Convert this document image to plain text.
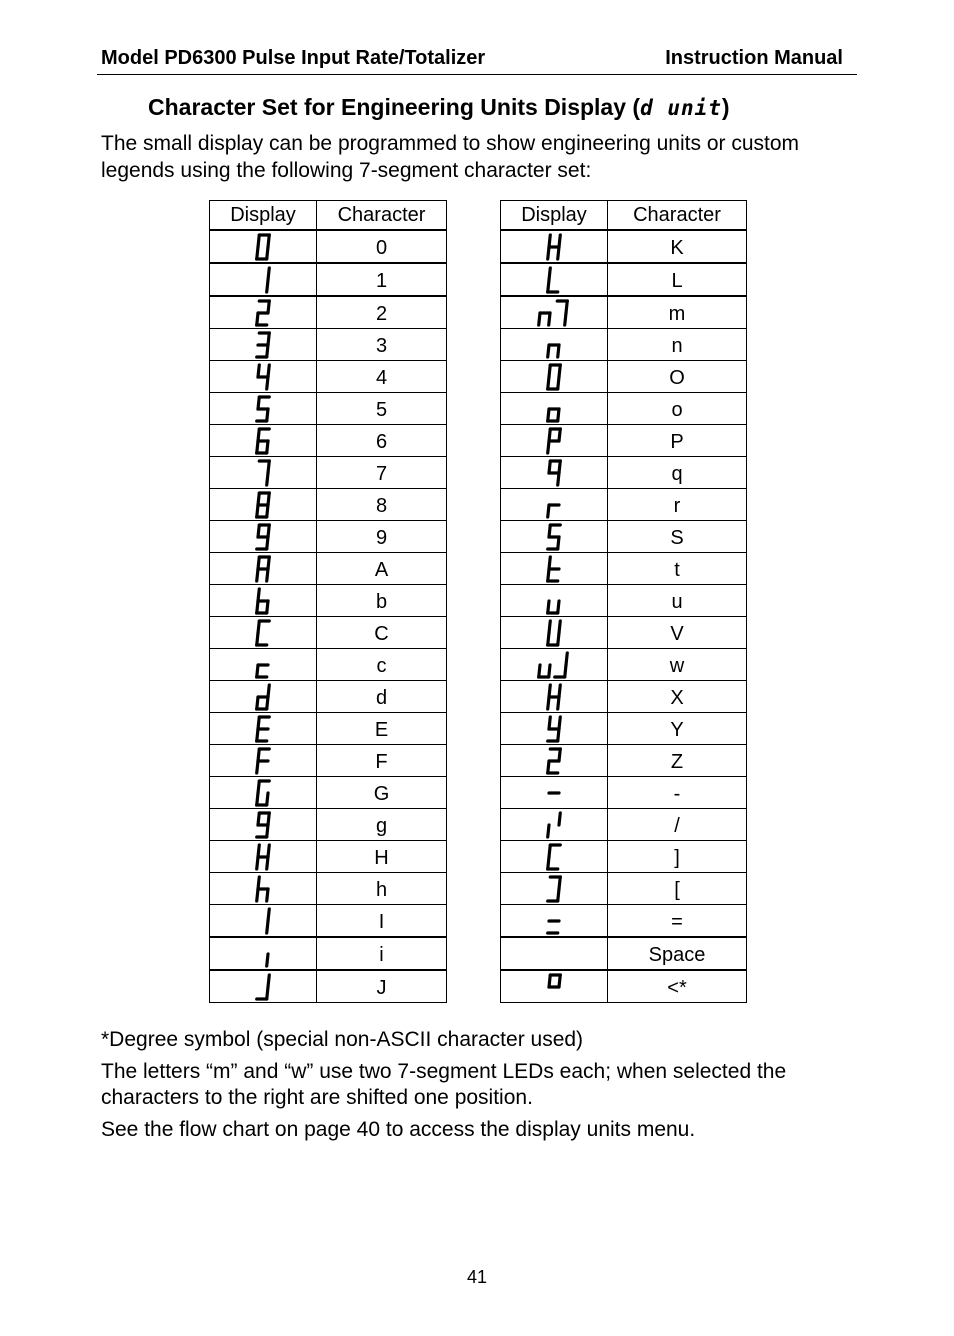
Model PD6300 Pulse Input Rate/Totalizer	Instruction Manual
Character Set for Engineering Units Display (d unit)
The small display can be programmed to show engineering units or custom legends using the following 7-segment character set:
Display	Character

	0

	1

	2

	3

	4

	5

	6

	7

	8

	9

	A

	b

	C

	c

	d

	E

	F

	G

	g

	H

	h

	I

	i

	J
Display	Character

	K

	L

	m

	n

	O

	o

	P

	q

	r

	S

	t

	u

	V

	w

	X

	Y

	Z

	-

	/

	]

	[

	=

	Space

	<*

*Degree symbol (special non-ASCII character used)

The letters “m” and “w” use two 7-segment LEDs each; when selected the characters to the right are shifted one position.

See the flow chart on page 40 to access the display units menu.

41
